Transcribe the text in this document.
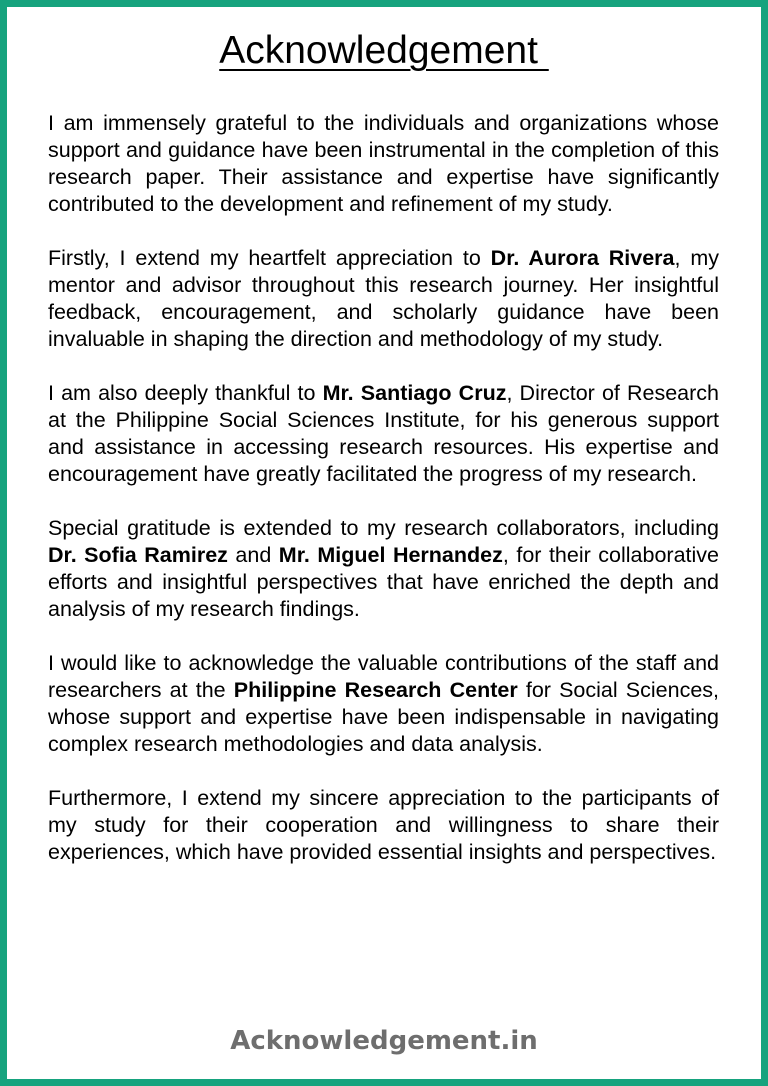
Acknowledgement

I am immensely grateful to the individuals and organizations whose support and guidance have been instrumental in the completion of this research paper. Their assistance and expertise have significantly contributed to the development and refinement of my study.

Firstly, I extend my heartfelt appreciation to Dr. Aurora Rivera, my mentor and advisor throughout this research journey. Her insightful feedback, encouragement, and scholarly guidance have been invaluable in shaping the direction and methodology of my study.

I am also deeply thankful to Mr. Santiago Cruz, Director of Research at the Philippine Social Sciences Institute, for his generous support and assistance in accessing research resources. His expertise and encouragement have greatly facilitated the progress of my research.

Special gratitude is extended to my research collaborators, including Dr. Sofia Ramirez and Mr. Miguel Hernandez, for their collaborative efforts and insightful perspectives that have enriched the depth and analysis of my research findings.

I would like to acknowledge the valuable contributions of the staff and researchers at the Philippine Research Center for Social Sciences, whose support and expertise have been indispensable in navigating complex research methodologies and data analysis.

Furthermore, I extend my sincere appreciation to the participants of my study for their cooperation and willingness to share their experiences, which have provided essential insights and perspectives.

Acknowledgement.in
